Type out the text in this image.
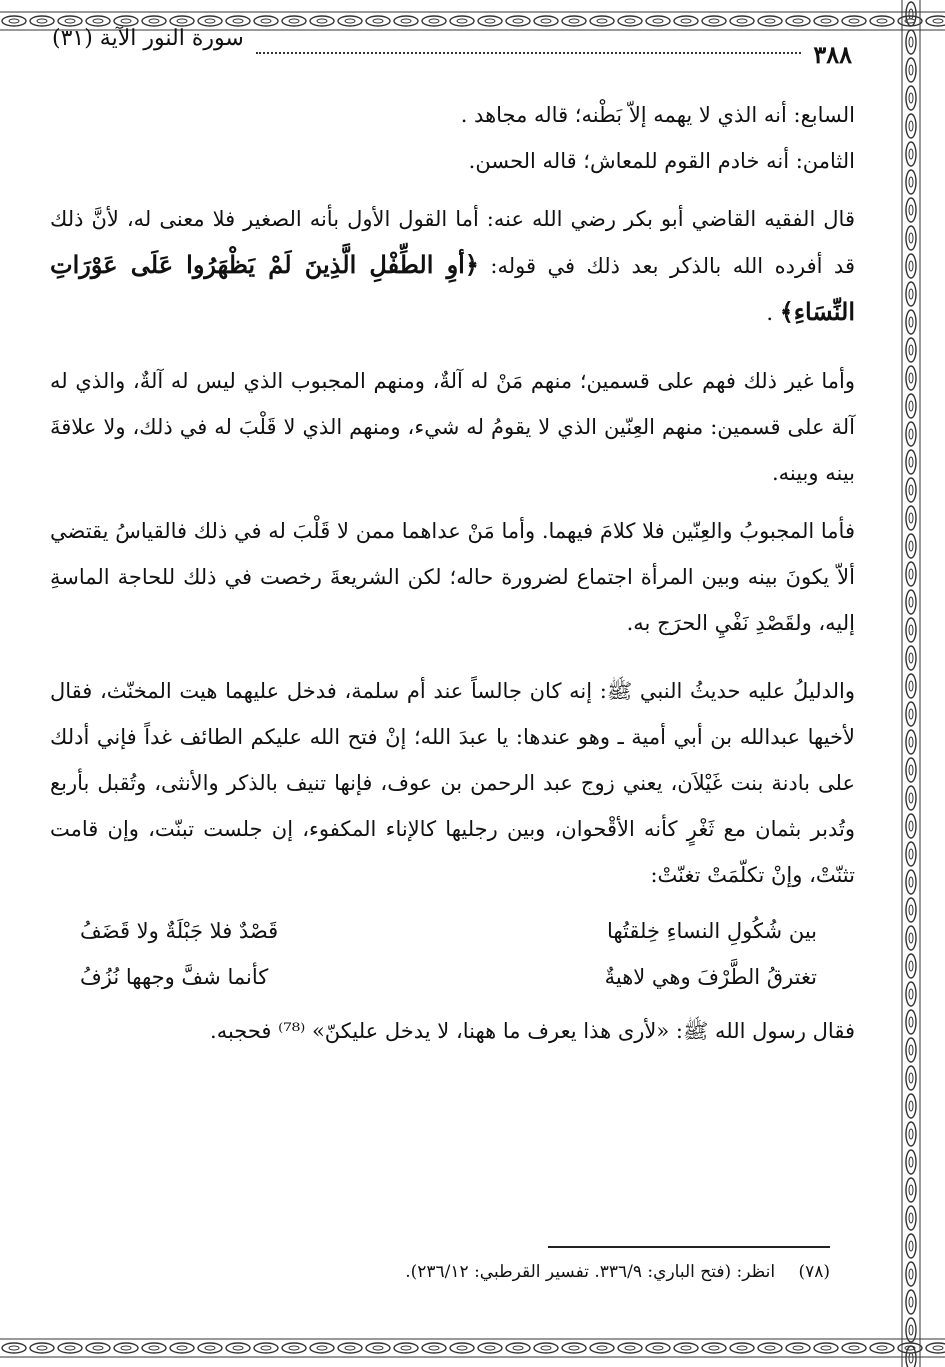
٣٨٨
سورة النور الآية (٣١)

السابع: أنه الذي لا يهمه إلاّ بَطْنه؛ قاله مجاهد .

الثامن: أنه خادم القوم للمعاش؛ قاله الحسن.

قال الفقيه القاضي أبو بكر رضي الله عنه: أما القول الأول بأنه الصغير فلا معنى له، لأنَّ ذلك قد أفرده الله بالذكر بعد ذلك في قوله: ﴿أوِ الطِّفْلِ الَّذِينَ لَمْ يَظْهَرُوا عَلَى عَوْرَاتِ النِّسَاءِ﴾ .

وأما غير ذلك فهم على قسمين؛ منهم مَنْ له آلةٌ، ومنهم المجبوب الذي ليس له آلةٌ، والذي له آلة على قسمين: منهم العِنّين الذي لا يقومُ له شيء، ومنهم الذي لا قَلْبَ له في ذلك، ولا علاقةَ بينه وبينه.

فأما المجبوبُ والعِنّين فلا كلامَ فيهما. وأما مَنْ عداهما ممن لا قَلْبَ له في ذلك فالقياسُ يقتضي ألاّ يكونَ بينه وبين المرأة اجتماع لضرورة حاله؛ لكن الشريعةَ رخصت في ذلك للحاجة الماسةِ إليه، ولقَصْدِ نَفْيِ الحرَج به.

والدليلُ عليه حديثُ النبي ﷺ: إنه كان جالساً عند أم سلمة، فدخل عليهما هيت المخنّث، فقال لأخيها عبدالله بن أبي أمية ـ وهو عندها: يا عبدَ الله؛ إنْ فتح الله عليكم الطائف غداً فإني أدلك على بادنة بنت غَيْلاَن، يعني زوج عبد الرحمن بن عوف، فإنها تنيف بالذكر والأنثى، وتُقبل بأربع وتُدبر بثمان مع ثَغْرٍ كأنه الأقْحوان، وبين رجليها كالإناء المكفوء، إن جلست تبنّت، وإن قامت تثنّتْ، وإنْ تكلّمَتْ تغنّتْ:

بين شُكُولِ النساءِ خِلقتُها
قَصْدٌ فلا جَبْلَةٌ ولا قَضَفُ
تغترقُ الطَّرْفَ وهي لاهيةٌ
كأنما شفَّ وجهها نُزُفُ

فقال رسول الله ﷺ: «لأرى هذا يعرف ما ههنا، لا يدخل عليكنّ» ⁽⁷⁸⁾ فحجبه.

(٧٨) انظر: (فتح الباري: ٣٣٦/٩. تفسير القرطبي: ٢٣٦/١٢).
